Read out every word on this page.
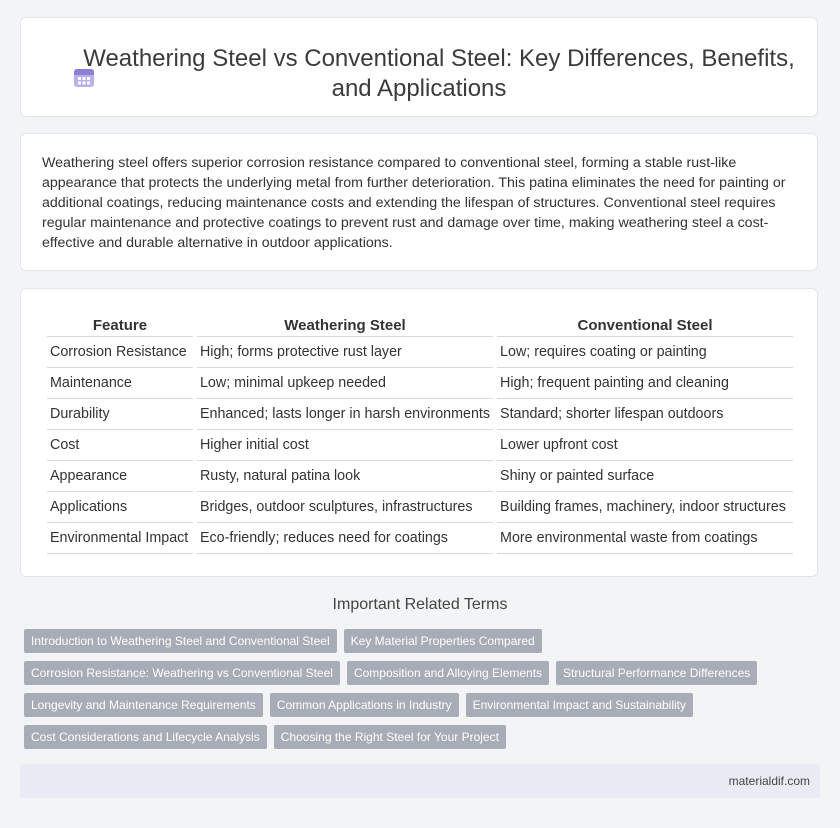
Weathering Steel vs Conventional Steel: Key Differences, Benefits,
and Applications

Weathering steel offers superior corrosion resistance compared to conventional steel, forming a stable rust-like appearance that protects the underlying metal from further deterioration. This patina eliminates the need for painting or additional coatings, reducing maintenance costs and extending the lifespan of structures. Conventional steel requires regular maintenance and protective coatings to prevent rust and damage over time, making weathering steel a cost-effective and durable alternative in outdoor applications.

Feature	Weathering Steel	Conventional Steel
Corrosion Resistance	High; forms protective rust layer	Low; requires coating or painting
Maintenance	Low; minimal upkeep needed	High; frequent painting and cleaning
Durability	Enhanced; lasts longer in harsh environments	Standard; shorter lifespan outdoors
Cost	Higher initial cost	Lower upfront cost
Appearance	Rusty, natural patina look	Shiny or painted surface
Applications	Bridges, outdoor sculptures, infrastructures	Building frames, machinery, indoor structures
Environmental Impact	Eco-friendly; reduces need for coatings	More environmental waste from coatings
Important Related Terms
Introduction to Weathering Steel and Conventional Steel	Key Material Properties Compared
Corrosion Resistance: Weathering vs Conventional Steel	Composition and Alloying Elements	Structural Performance Differences
Longevity and Maintenance Requirements	Common Applications in Industry	Environmental Impact and Sustainability
Cost Considerations and Lifecycle Analysis	Choosing the Right Steel for Your Project
materialdif.com
